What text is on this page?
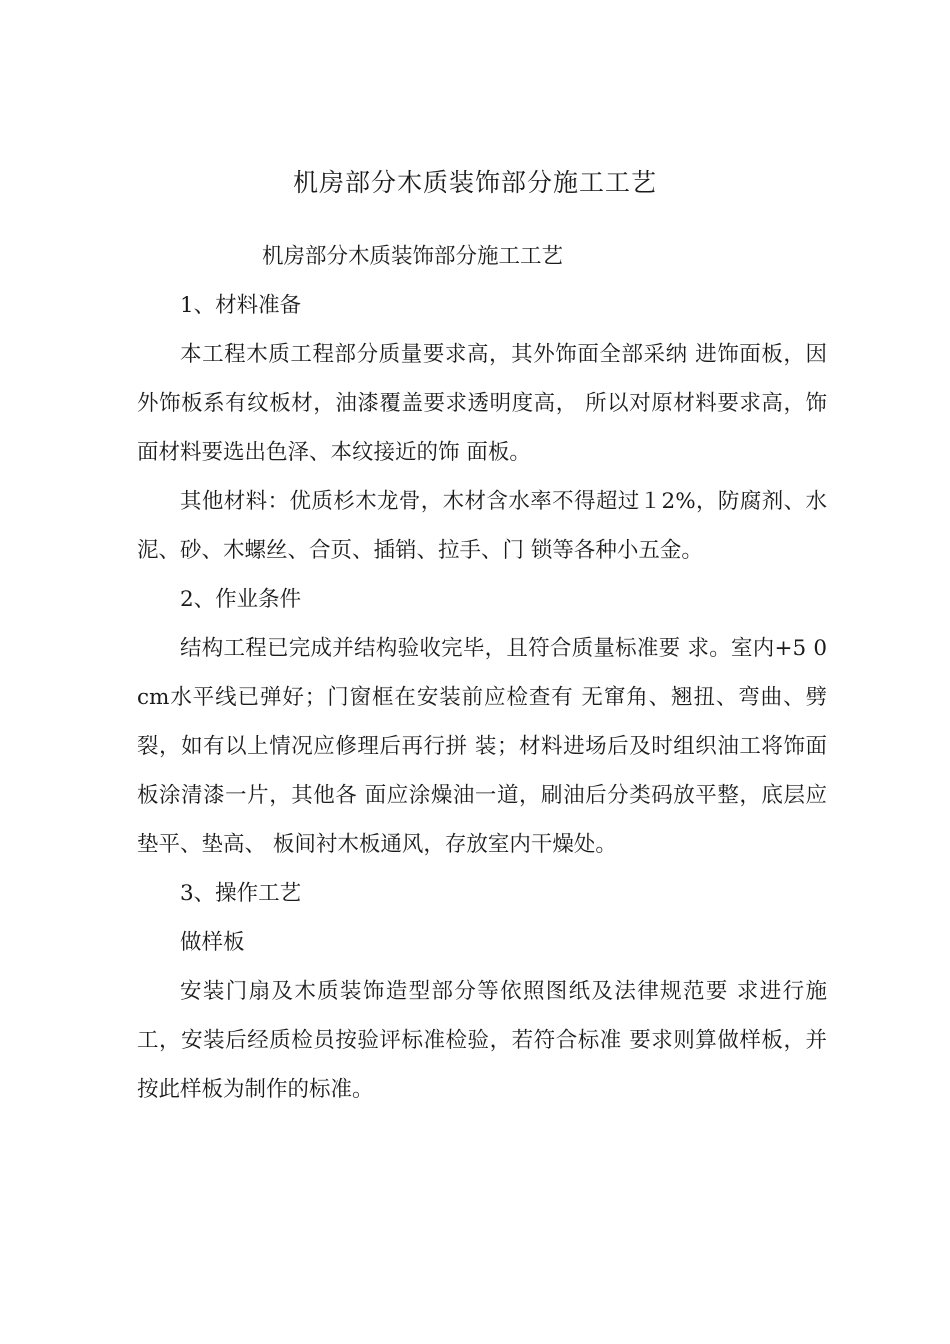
机房部分木质装饰部分施工工艺

机房部分木质装饰部分施工工艺

1、材料准备

本工程木质工程部分质量要求高，其外饰面全部采纳 进饰面板，因外饰板系有纹板材，油漆覆盖要求透明度高， 所以对原材料要求高，饰面材料要选出色泽、本纹接近的饰 面板。

其他材料：优质杉木龙骨，木材含水率不得超过１2%，防腐剂、水泥、砂、木螺丝、合页、插销、拉手、门 锁等各种小五金。

2、作业条件

结构工程已完成并结构验收完毕，且符合质量标准要 求。室内+5 0 cm水平线已弹好；门窗框在安装前应检查有 无窜角、翘扭、弯曲、劈裂，如有以上情况应修理后再行拼 装；材料进场后及时组织油工将饰面板涂清漆一片，其他各 面应涂燥油一道，刷油后分类码放平整，底层应垫平、垫高、 板间衬木板通风，存放室内干燥处。

3、操作工艺

做样板

安装门扇及木质装饰造型部分等依照图纸及法律规范要 求进行施工，安装后经质检员按验评标准检验，若符合标准 要求则算做样板，并按此样板为制作的标准。
